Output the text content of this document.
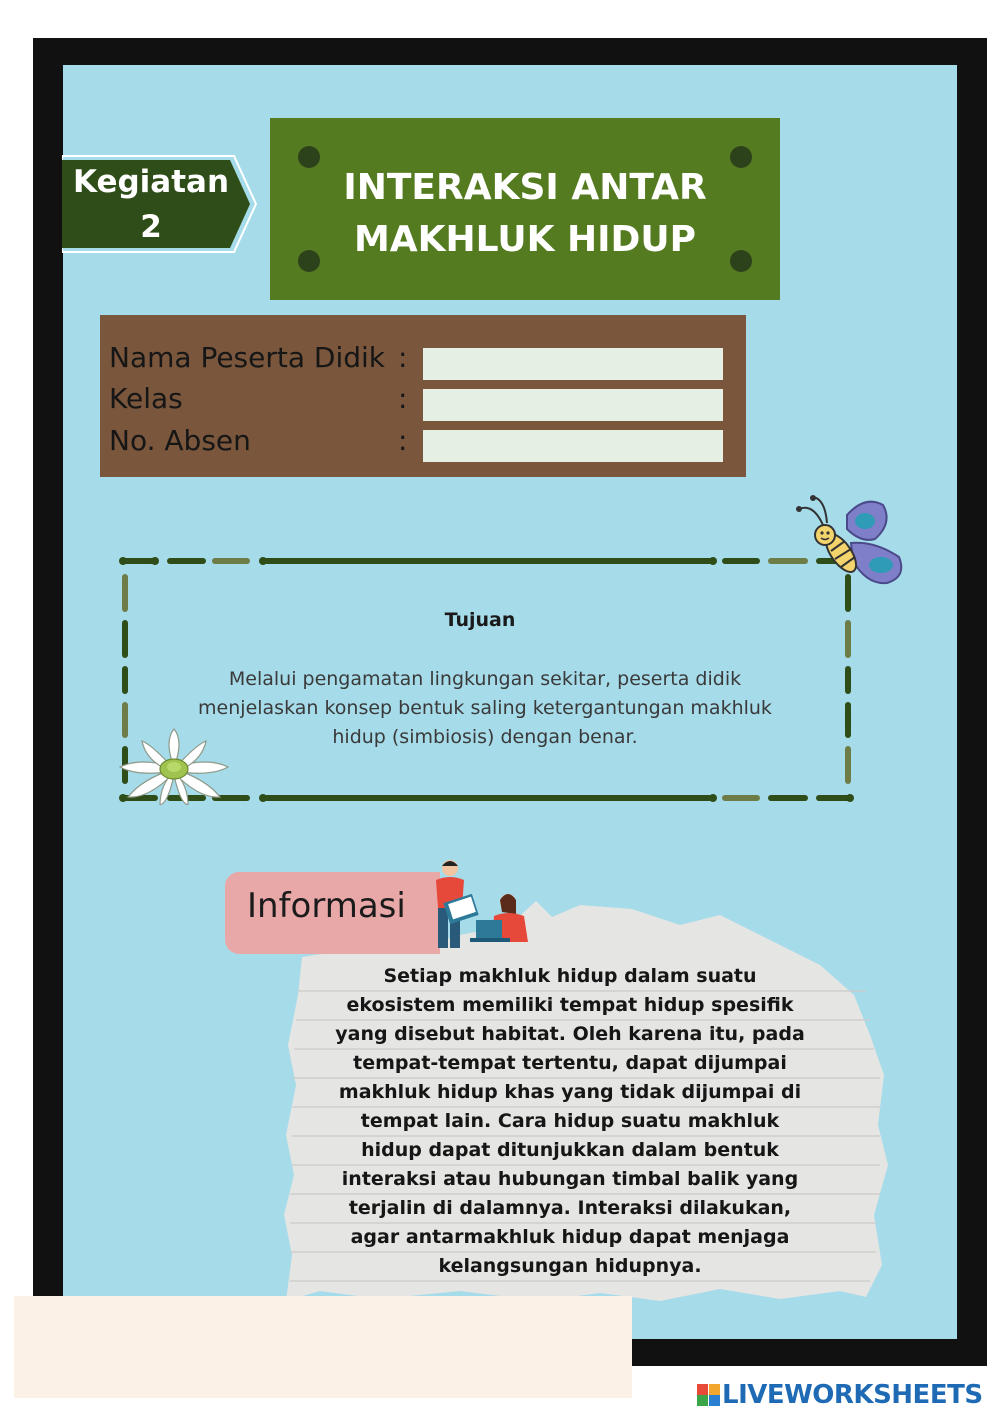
Kegiatan
2
INTERAKSI ANTAR
MAKHLUK HIDUP
Nama Peserta Didik :
Kelas	:
No. Absen	:
Tujuan
Melalui pengamatan lingkungan sekitar, peserta didik menjelaskan konsep bentuk saling ketergantungan makhluk hidup (simbiosis) dengan benar.
Informasi
Setiap makhluk hidup dalam suatu ekosistem memiliki tempat hidup spesifik yang disebut habitat. Oleh karena itu, pada tempat-tempat tertentu, dapat dijumpai makhluk hidup khas yang tidak dijumpai di tempat lain. Cara hidup suatu makhluk hidup dapat ditunjukkan dalam bentuk interaksi atau hubungan timbal balik yang terjalin di dalamnya. Interaksi dilakukan, agar antarmakhluk hidup dapat menjaga kelangsungan hidupnya.
LIVEWORKSHEETS
